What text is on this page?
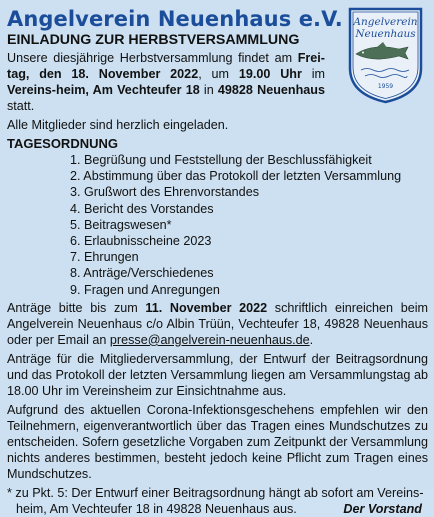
Angelverein
Neuenhaus
1959
Angelverein Neuenhaus e.V.
EINLADUNG ZUR HERBSTVERSAMMLUNG
Unsere diesjährige Herbstversammlung findet am Frei-tag, den 18. November 2022, um 19.00 Uhr im Vereins-heim, Am Vechteufer 18 in 49828 Neuenhaus statt.
Alle Mitglieder sind herzlich eingeladen.
TAGESORDNUNG
1. Begrüßung und Feststellung der Beschlussfähigkeit
2. Abstimmung über das Protokoll der letzten Versammlung
3. Grußwort des Ehrenvorstandes
4. Bericht des Vorstandes
5. Beitragswesen*
6. Erlaubnisscheine 2023
7. Ehrungen
8. Anträge/Verschiedenes
9. Fragen und Anregungen
Anträge bitte bis zum 11. November 2022 schriftlich einreichen beim Angelverein Neuenhaus c/o Albin Trüün, Vechteufer 18, 49828 Neuenhaus oder per Email an presse@angelverein-neuenhaus.de.
Anträge für die Mitgliederversammlung, der Entwurf der Beitragsordnung und das Protokoll der letzten Versammlung liegen am Versammlungstag ab 18.00 Uhr im Vereinsheim zur Einsichtnahme aus.
Aufgrund des aktuellen Corona-Infektionsgeschehens empfehlen wir den Teilnehmern, eigenverantwortlich über das Tragen eines Mundschutzes zu entscheiden. Sofern gesetzliche Vorgaben zum Zeitpunkt der Versammlung nichts anderes bestimmen, besteht jedoch keine Pflicht zum Tragen eines Mundschutzes.
* zu Pkt. 5: Der Entwurf einer Beitragsordnung hängt ab sofort am Vereins-
heim, Am Vechteufer 18 in 49828 Neuenhaus aus.	Der Vorstand
